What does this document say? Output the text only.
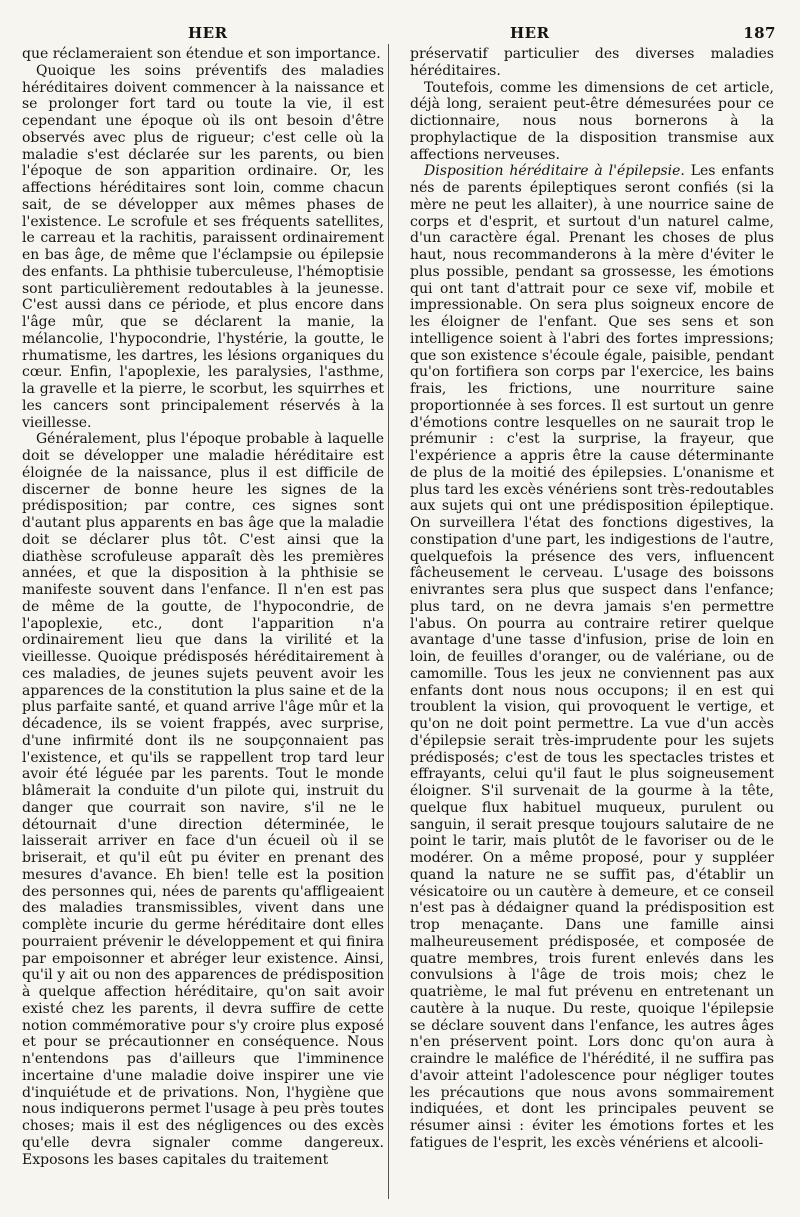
HER	HER	187

que réclameraient son étendue et son importance.

Quoique les soins préventifs des maladies héréditaires doivent commencer à la naissance et se prolonger fort tard ou toute la vie, il est cependant une époque où ils ont besoin d'être observés avec plus de rigueur; c'est celle où la maladie s'est déclarée sur les parents, ou bien l'époque de son apparition ordinaire. Or, les affections héréditaires sont loin, comme chacun sait, de se développer aux mêmes phases de l'existence. Le scrofule et ses fréquents satellites, le carreau et la rachitis, paraissent ordinairement en bas âge, de même que l'éclampsie ou épilepsie des enfants. La phthisie tuberculeuse, l'hémoptisie sont particulièrement redoutables à la jeunesse. C'est aussi dans ce période, et plus encore dans l'âge mûr, que se déclarent la manie, la mélancolie, l'hypocondrie, l'hystérie, la goutte, le rhumatisme, les dartres, les lésions organiques du cœur. Enfin, l'apoplexie, les paralysies, l'asthme, la gravelle et la pierre, le scorbut, les squirrhes et les cancers sont principalement réservés à la vieillesse.

Généralement, plus l'époque probable à laquelle doit se développer une maladie héréditaire est éloignée de la naissance, plus il est difficile de discerner de bonne heure les signes de la prédisposition; par contre, ces signes sont d'autant plus apparents en bas âge que la maladie doit se déclarer plus tôt. C'est ainsi que la diathèse scrofuleuse apparaît dès les premières années, et que la disposition à la phthisie se manifeste souvent dans l'enfance. Il n'en est pas de même de la goutte, de l'hypocondrie, de l'apoplexie, etc., dont l'apparition n'a ordinairement lieu que dans la virilité et la vieillesse. Quoique prédisposés héréditairement à ces maladies, de jeunes sujets peuvent avoir les apparences de la constitution la plus saine et de la plus parfaite santé, et quand arrive l'âge mûr et la décadence, ils se voient frappés, avec surprise, d'une infirmité dont ils ne soupçonnaient pas l'existence, et qu'ils se rappellent trop tard leur avoir été léguée par les parents. Tout le monde blâmerait la conduite d'un pilote qui, instruit du danger que courrait son navire, s'il ne le détournait d'une direction déterminée, le laisserait arriver en face d'un écueil où il se briserait, et qu'il eût pu éviter en prenant des mesures d'avance. Eh bien! telle est la position des personnes qui, nées de parents qu'affligeaient des maladies transmissibles, vivent dans une complète incurie du germe héréditaire dont elles pourraient prévenir le développement et qui finira par empoisonner et abréger leur existence. Ainsi, qu'il y ait ou non des apparences de prédisposition à quelque affection héréditaire, qu'on sait avoir existé chez les parents, il devra suffire de cette notion commémorative pour s'y croire plus exposé et pour se précautionner en conséquence. Nous n'entendons pas d'ailleurs que l'imminence incertaine d'une maladie doive inspirer une vie d'inquiétude et de privations. Non, l'hygiène que nous indiquerons permet l'usage à peu près toutes choses; mais il est des négligences ou des excès qu'elle devra signaler comme dangereux. Exposons les bases capitales du traitement

préservatif particulier des diverses maladies héréditaires.

Toutefois, comme les dimensions de cet article, déjà long, seraient peut-être démesurées pour ce dictionnaire, nous nous bornerons à la prophylactique de la disposition transmise aux affections nerveuses.

Disposition héréditaire à l'épilepsie. Les enfants nés de parents épileptiques seront confiés (si la mère ne peut les allaiter), à une nourrice saine de corps et d'esprit, et surtout d'un naturel calme, d'un caractère égal. Prenant les choses de plus haut, nous recommanderons à la mère d'éviter le plus possible, pendant sa grossesse, les émotions qui ont tant d'attrait pour ce sexe vif, mobile et impressionable. On sera plus soigneux encore de les éloigner de l'enfant. Que ses sens et son intelligence soient à l'abri des fortes impressions; que son existence s'écoule égale, paisible, pendant qu'on fortifiera son corps par l'exercice, les bains frais, les frictions, une nourriture saine proportionnée à ses forces. Il est surtout un genre d'émotions contre lesquelles on ne saurait trop le prémunir : c'est la surprise, la frayeur, que l'expérience a appris être la cause déterminante de plus de la moitié des épilepsies. L'onanisme et plus tard les excès vénériens sont très-redoutables aux sujets qui ont une prédisposition épileptique. On surveillera l'état des fonctions digestives, la constipation d'une part, les indigestions de l'autre, quelquefois la présence des vers, influencent fâcheusement le cerveau. L'usage des boissons enivrantes sera plus que suspect dans l'enfance; plus tard, on ne devra jamais s'en permettre l'abus. On pourra au contraire retirer quelque avantage d'une tasse d'infusion, prise de loin en loin, de feuilles d'oranger, ou de valériane, ou de camomille. Tous les jeux ne conviennent pas aux enfants dont nous nous occupons; il en est qui troublent la vision, qui provoquent le vertige, et qu'on ne doit point permettre. La vue d'un accès d'épilepsie serait très-imprudente pour les sujets prédisposés; c'est de tous les spectacles tristes et effrayants, celui qu'il faut le plus soigneusement éloigner. S'il survenait de la gourme à la tête, quelque flux habituel muqueux, purulent ou sanguin, il serait presque toujours salutaire de ne point le tarir, mais plutôt de le favoriser ou de le modérer. On a même proposé, pour y suppléer quand la nature ne se suffit pas, d'établir un vésicatoire ou un cautère à demeure, et ce conseil n'est pas à dédaigner quand la prédisposition est trop menaçante. Dans une famille ainsi malheureusement prédisposée, et composée de quatre membres, trois furent enlevés dans les convulsions à l'âge de trois mois; chez le quatrième, le mal fut prévenu en entretenant un cautère à la nuque. Du reste, quoique l'épilepsie se déclare souvent dans l'enfance, les autres âges n'en préservent point. Lors donc qu'on aura à craindre le maléfice de l'hérédité, il ne suffira pas d'avoir atteint l'adolescence pour négliger toutes les précautions que nous avons sommairement indiquées, et dont les principales peuvent se résumer ainsi : éviter les émotions fortes et les fatigues de l'esprit, les excès vénériens et alcooli-
